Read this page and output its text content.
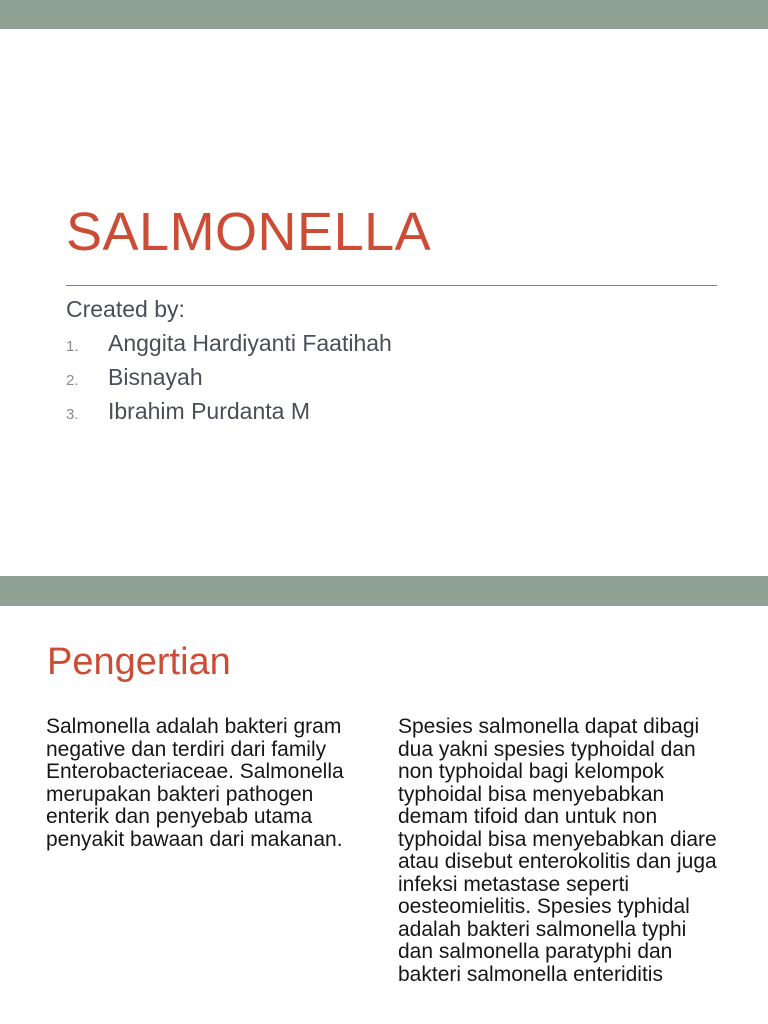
SALMONELLA
Created by:
1.	Anggita Hardiyanti Faatihah
2.	Bisnayah
3.	Ibrahim Purdanta M
Pengertian
Salmonella adalah bakteri gram negative dan terdiri dari family Enterobacteriaceae. Salmonella merupakan bakteri pathogen enterik dan penyebab utama penyakit bawaan dari makanan.
Spesies salmonella dapat dibagi dua yakni spesies typhoidal dan non typhoidal bagi kelompok typhoidal bisa menyebabkan demam tifoid dan untuk non typhoidal bisa menyebabkan diare atau disebut enterokolitis dan juga infeksi metastase seperti oesteomielitis. Spesies typhidal adalah bakteri salmonella typhi dan salmonella paratyphi dan bakteri salmonella enteriditis
